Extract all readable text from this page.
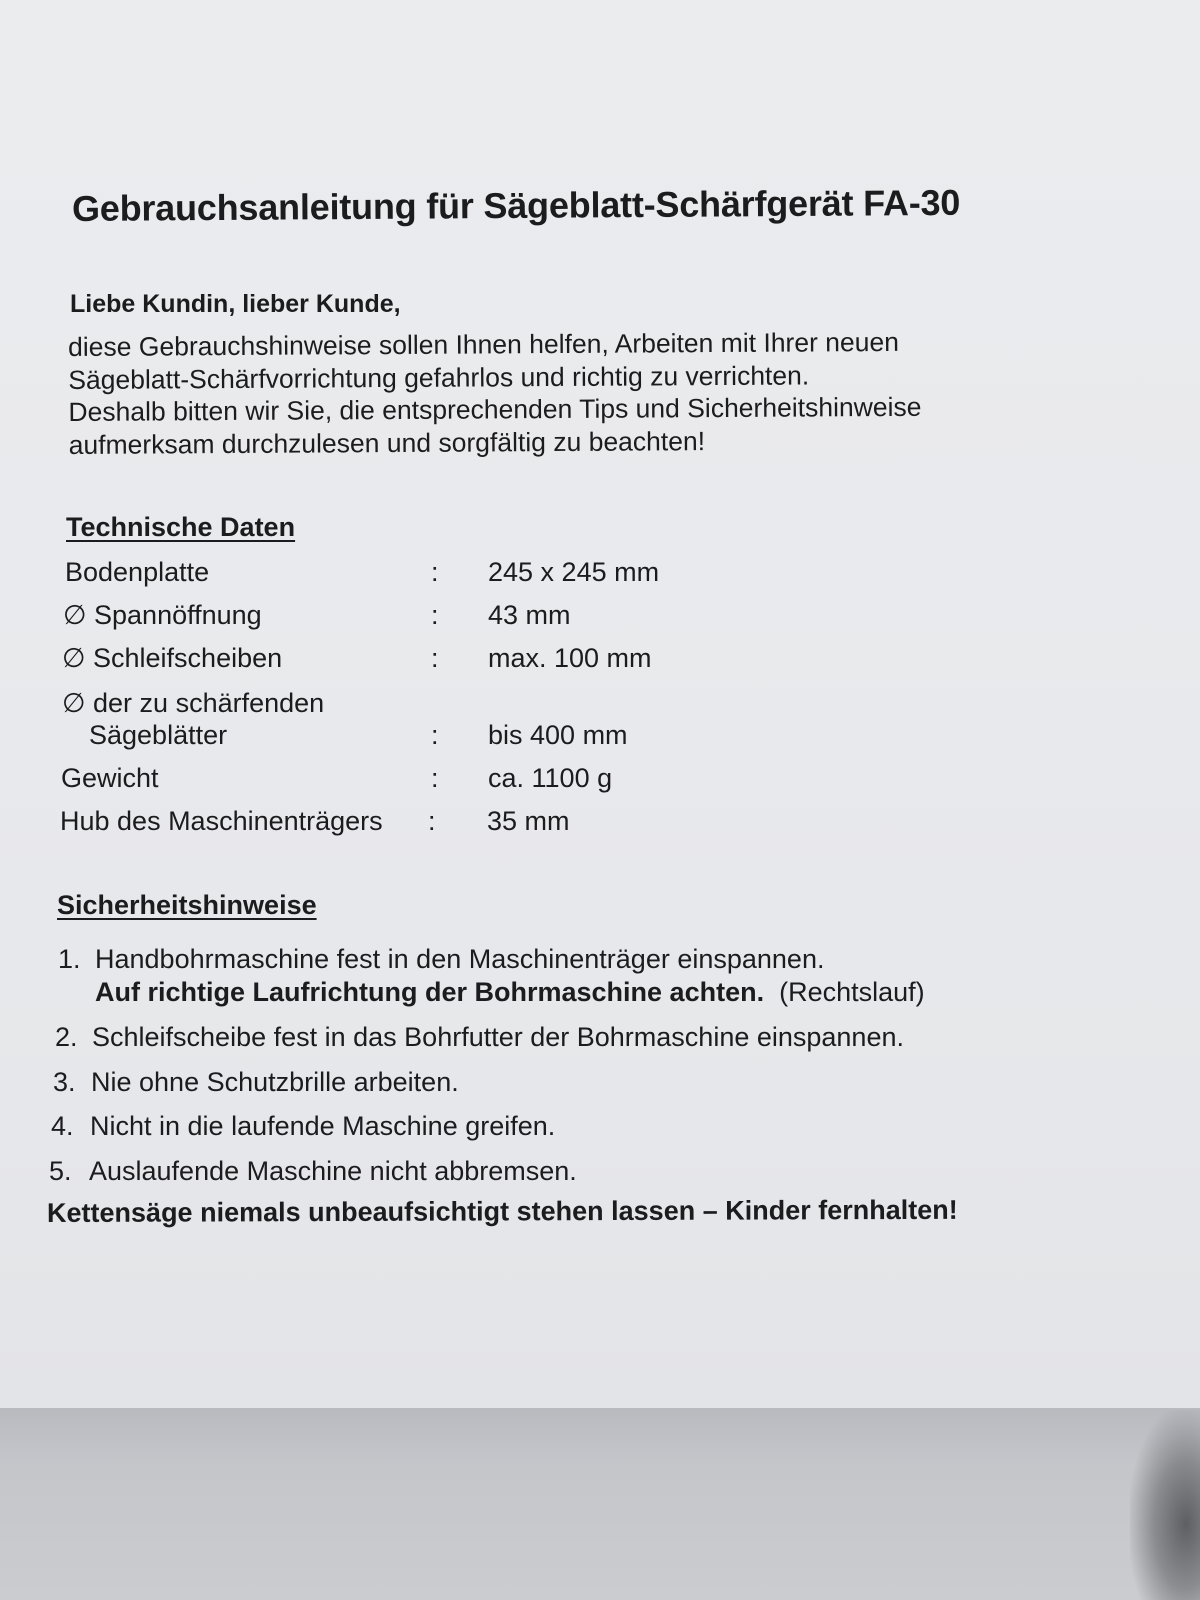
Gebrauchsanleitung für Sägeblatt-Schärfgerät FA-30
Liebe Kundin, lieber Kunde,
diese Gebrauchshinweise sollen Ihnen helfen, Arbeiten mit Ihrer neuen
Sägeblatt-Schärfvorrichtung gefahrlos und richtig zu verrichten.
Deshalb bitten wir Sie, die entsprechenden Tips und Sicherheitshinweise
aufmerksam durchzulesen und sorgfältig zu beachten!
Technische Daten
Bodenplatte	: 245 x 245 mm
∅ Spannöffnung	: 43 mm
∅ Schleifscheiben	: max. 100 mm
∅ der zu schärfenden
Sägeblätter	: bis 400 mm
Gewicht	: ca. 1100 g
Hub des Maschinenträgers : 35 mm
Sicherheitshinweise
1. Handbohrmaschine fest in den Maschinenträger einspannen.
Auf richtige Laufrichtung der Bohrmaschine achten. (Rechtslauf)
2. Schleifscheibe fest in das Bohrfutter der Bohrmaschine einspannen.
3. Nie ohne Schutzbrille arbeiten.
4. Nicht in die laufende Maschine greifen.
5. Auslaufende Maschine nicht abbremsen.
Kettensäge niemals unbeaufsichtigt stehen lassen – Kinder fernhalten!
